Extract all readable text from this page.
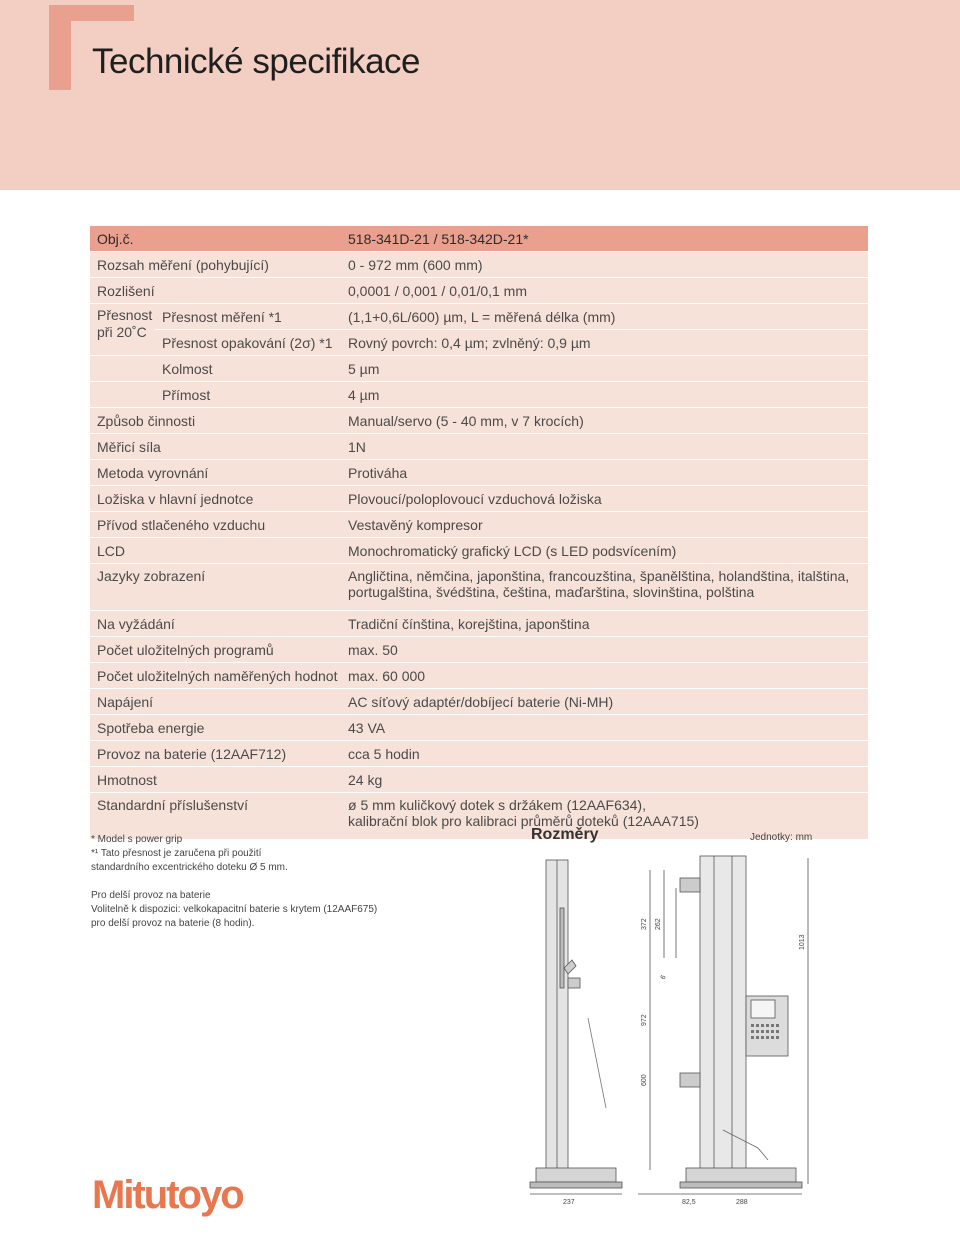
Technické specifikace
Obj.č.		518-341D-21 / 518-342D-21*
Rozsah měření (pohybující)		0 - 972 mm (600 mm)
Rozlišení		0,0001 / 0,001 / 0,01/0,1 mm

Přesnost
při 20˚C	Přesnost měření *1	(1,1+0,6L/600) µm, L = měřená délka (mm)
	Přesnost opakování (2σ) *1	Rovný povrch: 0,4 µm; zvlněný: 0,9 µm
	Kolmost	5 µm
	Přímost	4 µm
Způsob činnosti		Manual/servo (5 - 40 mm, v 7 krocích)
Měřicí síla		1N
Metoda vyrovnání		Protiváha
Ložiska v hlavní jednotce		Plovoucí/poloplovoucí vzduchová ložiska
Přívod stlačeného vzduchu		Vestavěný kompresor
LCD		Monochromatický grafický LCD (s LED podsvícením)
Jazyky zobrazení		Angličtina, němčina, japonština, francouzština, španělština, holandština, italština,
portugalština, švédština, čeština, maďarština, slovinština, polština

Na vyžádání		Tradiční čínština, korejština, japonština
Počet uložitelných programů		max. 50
Počet uložitelných naměřených hodnot		max. 60 000
Napájení		AC síťový adaptér/dobíjecí baterie (Ni-MH)
Spotřeba energie		43 VA
Provoz na baterie (12AAF712)		cca 5 hodin
Hmotnost		24 kg
Standardní příslušenství		ø 5 mm kuličkový dotek s držákem (12AAF634),
kalibrační blok pro kalibraci průměrů doteků (12AAA715)
* Model s power grip
*¹ Tato přesnost je zaručena při použití
standardního excentrického doteku Ø 5 mm.
Pro delší provoz na baterie
Volitelně k dispozici: velkokapacitní baterie s krytem (12AAF675)
pro delší provoz na baterie (8 hodin).
Rozměry	Jednotky: mm
372 262
6
972
600
1013
237	82,5	288
Mitutoyo
